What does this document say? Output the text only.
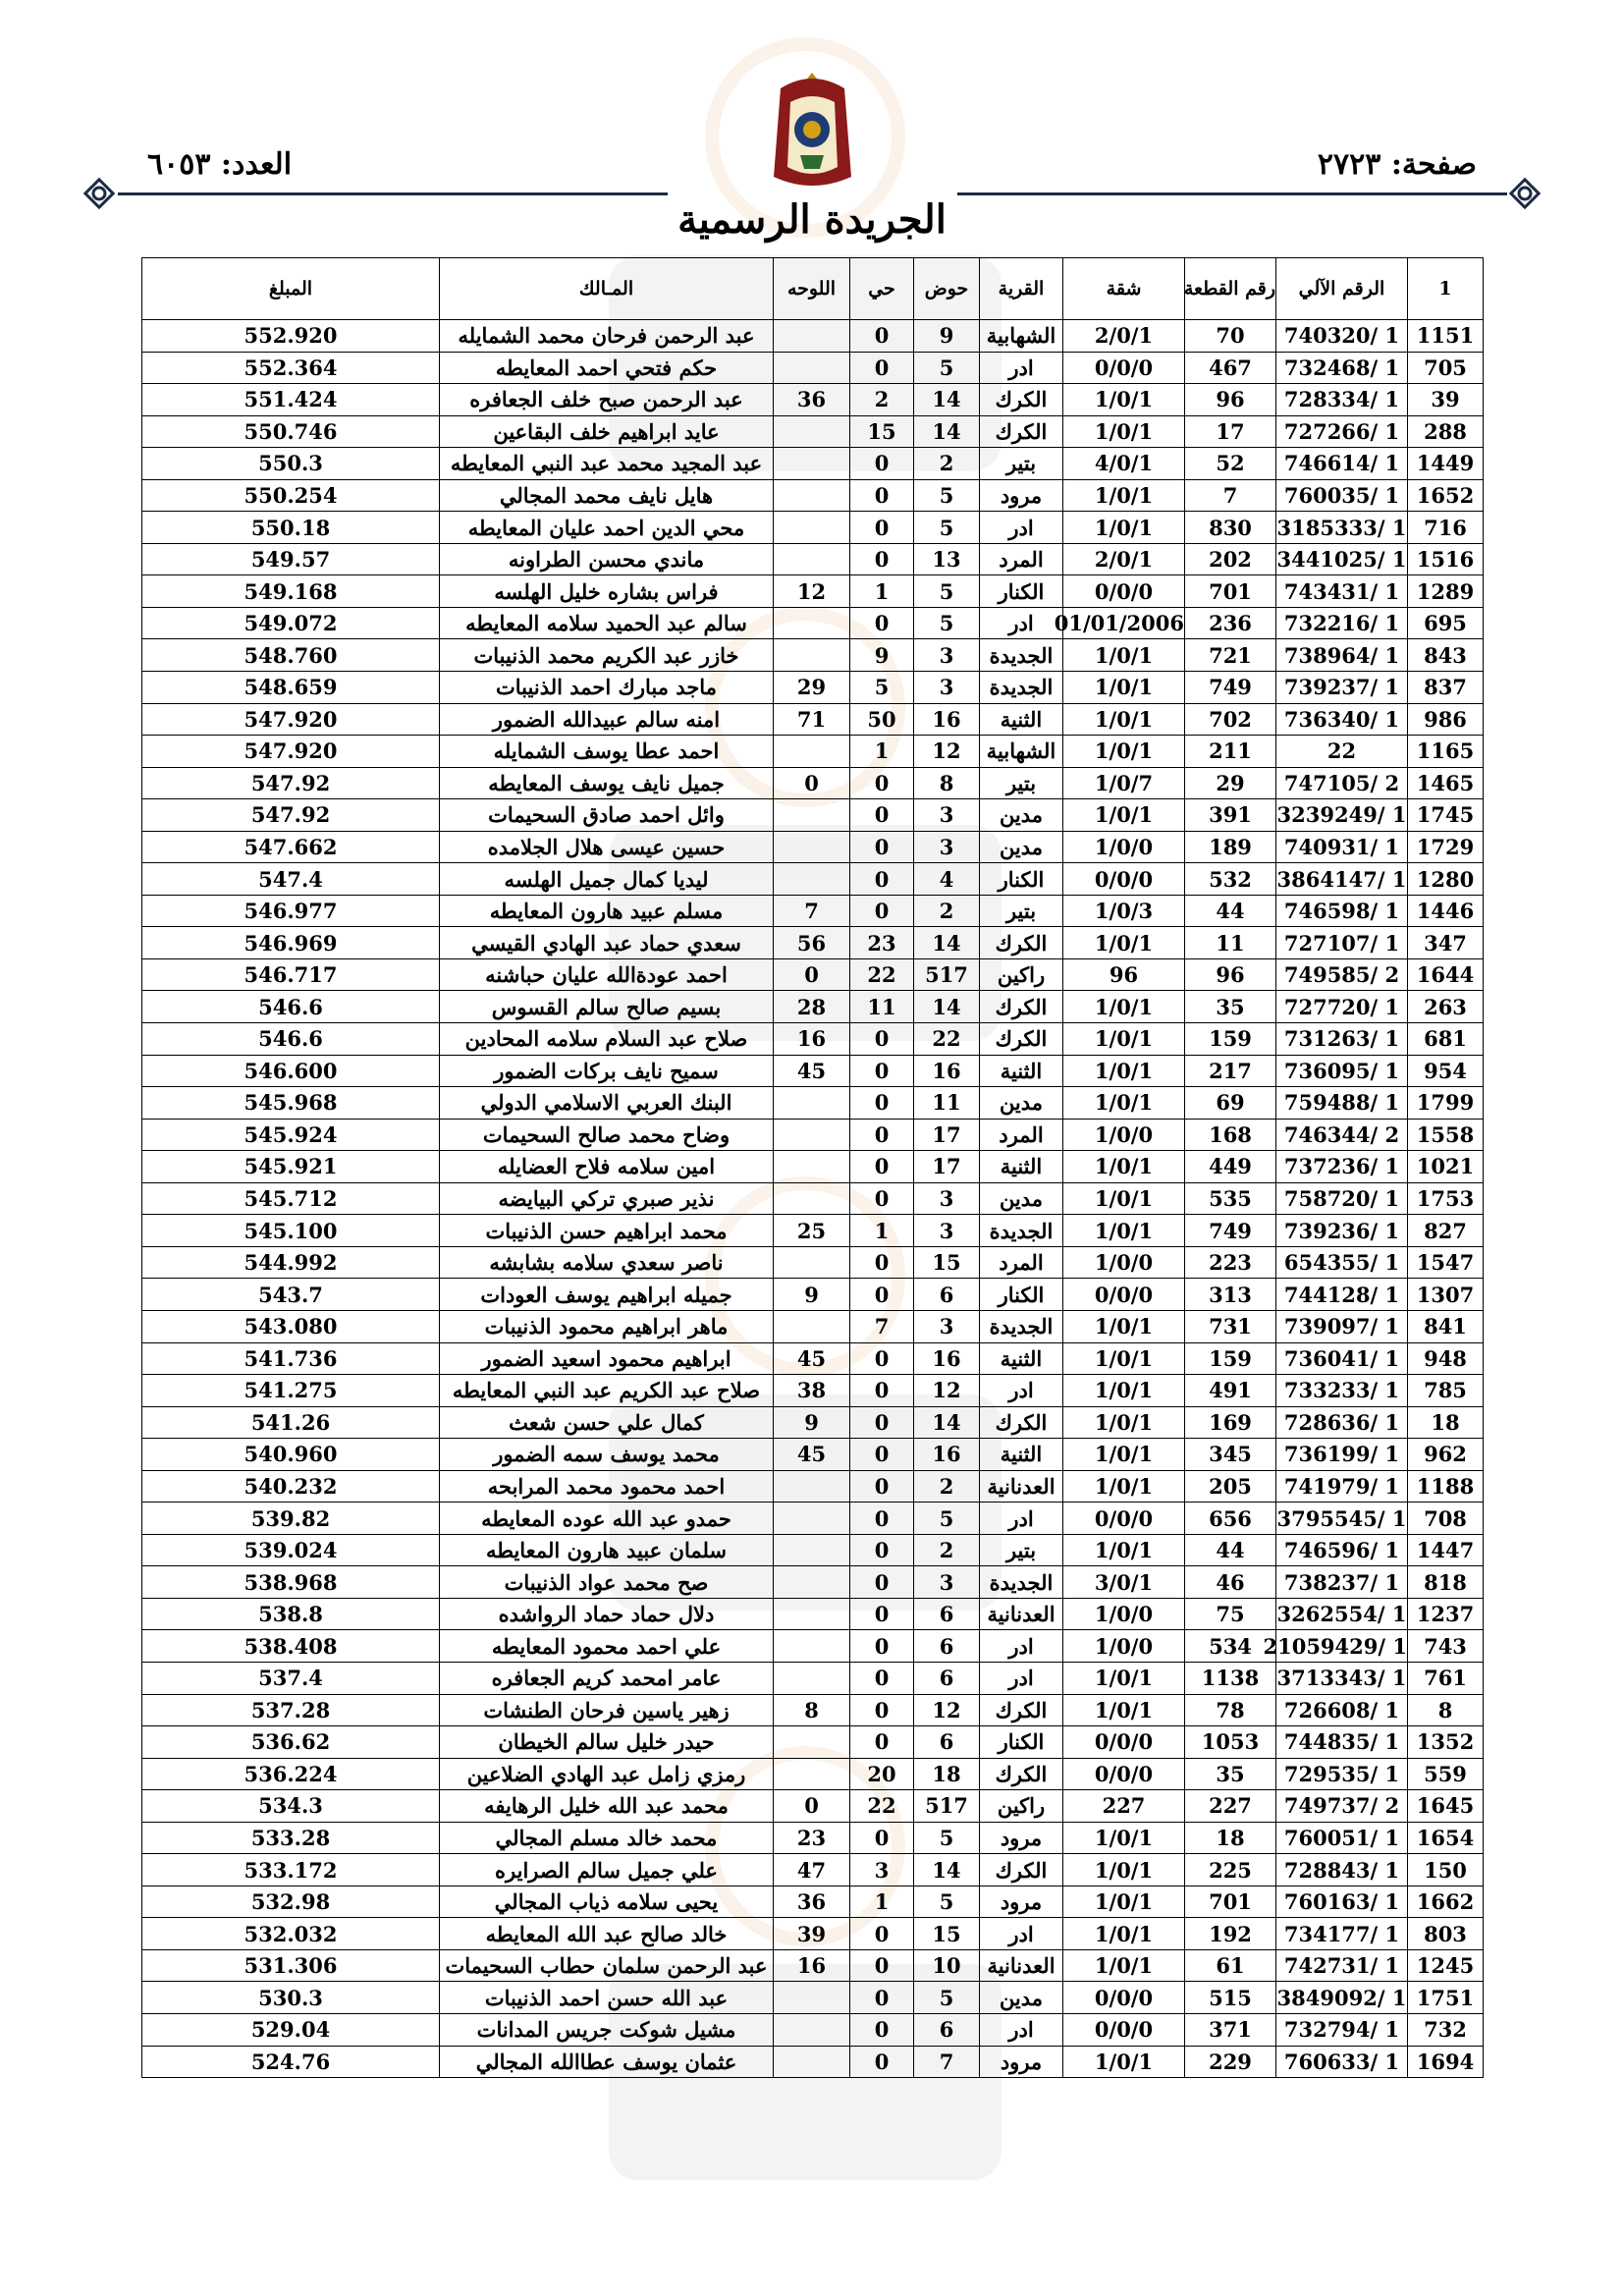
العدد: ٦٠٥٣	صفحة: ٢٧٢٣
الجريدة الرسمية
1	الرقم الآلي	رقم القطعة	شقة	القرية	حوض	حي	اللوحه	المـالك	المبلغ
1151	1 /740320	70	2/0/1	الشهابية	9	0		عبد الرحمن فرحان محمد الشمايله	552.920
705	1 /732468	467	0/0/0	ادر	5	0		حكم فتحي احمد المعايطه	552.364
39	1 /728334	96	1/0/1	الكرك	14	2	36	عبد الرحمن صبح خلف الجعافره	551.424
288	1 /727266	17	1/0/1	الكرك	14	15		عايد ابراهيم خلف البقاعين	550.746
1449	1 /746614	52	4/0/1	بتير	2	0		عبد المجيد محمد عبد النبي المعايطه	550.3
1652	1 /760035	7	1/0/1	مرود	5	0		هايل نايف محمد المجالي	550.254
716	1 /3185333	830	1/0/1	ادر	5	0		محي الدين احمد عليان المعايطه	550.18
1516	1 /3441025	202	2/0/1	المرد	13	0		ماندي محسن الطراونه	549.57
1289	1 /743431	701	0/0/0	الكنار	5	1	12	فراس بشاره خليل الهلسه	549.168
695	1 /732216	236	01/01/2006	ادر	5	0		سالم عبد الحميد سلامه المعايطه	549.072
843	1 /738964	721	1/0/1	الجديدة	3	9		خازر عبد الكريم محمد الذنيبات	548.760
837	1 /739237	749	1/0/1	الجديدة	3	5	29	ماجد مبارك احمد الذنيبات	548.659
986	1 /736340	702	1/0/1	الثنية	16	50	71	امنه سالم عبيدالله الضمور	547.920
1165	22	211	1/0/1	الشهابية	12	1		احمد عطا يوسف الشمايله	547.920
1465	2 /747105	29	1/0/7	بتير	8	0	0	جميل نايف يوسف المعايطه	547.92
1745	1 /3239249	391	1/0/1	مدين	3	0		وائل احمد صادق السحيمات	547.92
1729	1 /740931	189	1/0/0	مدين	3	0		حسين عيسى هلال الجلامده	547.662
1280	1 /3864147	532	0/0/0	الكنار	4	0		ليديا كمال جميل الهلسه	547.4
1446	1 /746598	44	1/0/3	بتير	2	0	7	مسلم عبيد هارون المعايطه	546.977
347	1 /727107	11	1/0/1	الكرك	14	23	56	سعدي حماد عبد الهادي القيسي	546.969
1644	2 /749585	96	96	راكين	517	22	0	احمد عودةالله عليان حباشنه	546.717
263	1 /727720	35	1/0/1	الكرك	14	11	28	بسيم صالح سالم القسوس	546.6
681	1 /731263	159	1/0/1	الكرك	22	0	16	صلاح عبد السلام سلامه المحادين	546.6
954	1 /736095	217	1/0/1	الثنية	16	0	45	سميح نايف بركات الضمور	546.600
1799	1 /759488	69	1/0/1	مدين	11	0		البنك العربي الاسلامي الدولي	545.968
1558	2 /746344	168	1/0/0	المرد	17	0		وضاح محمد صالح السحيمات	545.924
1021	1 /737236	449	1/0/1	الثنية	17	0		امين سلامه فلاح العضايله	545.921
1753	1 /758720	535	1/0/1	مدين	3	0		نذير صبري تركي البيايضه	545.712
827	1 /739236	749	1/0/1	الجديدة	3	1	25	محمد ابراهيم حسن الذنيبات	545.100
1547	1 /654355	223	1/0/0	المرد	15	0		ناصر سعدي سلامه بشابشه	544.992
1307	1 /744128	313	0/0/0	الكنار	6	0	9	جميله ابراهيم يوسف العودات	543.7
841	1 /739097	731	1/0/1	الجديدة	3	7		ماهر ابراهيم محمود الذنيبات	543.080
948	1 /736041	159	1/0/1	الثنية	16	0	45	ابراهيم محمود اسعيد الضمور	541.736
785	1 /733233	491	1/0/1	ادر	12	0	38	صلاح عبد الكريم عبد النبي المعايطه	541.275
18	1 /728636	169	1/0/1	الكرك	14	0	9	كمال علي حسن شعث	541.26
962	1 /736199	345	1/0/1	الثنية	16	0	45	محمد يوسف سمه الضمور	540.960
1188	1 /741979	205	1/0/1	العدنانية	2	0		احمد محمود محمد المرابحه	540.232
708	1 /3795545	656	0/0/0	ادر	5	0		حمدو عبد الله عوده المعايطه	539.82
1447	1 /746596	44	1/0/1	بتير	2	0		سلمان عبيد هارون المعايطه	539.024
818	1 /738237	46	3/0/1	الجديدة	3	0		صح محمد عواد الذنيبات	538.968
1237	1 /3262554	75	1/0/0	العدنانية	6	0		دلال حماد حماد الرواشده	538.8
743	1 /21059429	534	1/0/0	ادر	6	0		علي احمد محمود المعايطه	538.408
761	1 /3713343	1138	1/0/1	ادر	6	0		عامر امحمد كريم الجعافره	537.4
8	1 /726608	78	1/0/1	الكرك	12	0	8	زهير ياسين فرحان الطنشات	537.28
1352	1 /744835	1053	0/0/0	الكنار	6	0		حيدر خليل سالم الخيطان	536.62
559	1 /729535	35	0/0/0	الكرك	18	20		رمزي زامل عبد الهادي الضلاعين	536.224
1645	2 /749737	227	227	راكين	517	22	0	محمد عبد الله خليل الرهايفه	534.3
1654	1 /760051	18	1/0/1	مرود	5	0	23	محمد خالد مسلم المجالي	533.28
150	1 /728843	225	1/0/1	الكرك	14	3	47	علي جميل سالم الصرايره	533.172
1662	1 /760163	701	1/0/1	مرود	5	1	36	يحيى سلامه ذياب المجالي	532.98
803	1 /734177	192	1/0/1	ادر	15	0	39	خالد صالح عبد الله المعايطه	532.032
1245	1 /742731	61	1/0/1	العدنانية	10	0	16	عبد الرحمن سلمان حطاب السحيمات	531.306
1751	1 /3849092	515	0/0/0	مدين	5	0		عبد الله حسن احمد الذنيبات	530.3
732	1 /732794	371	0/0/0	ادر	6	0		مشيل شوكت جريس المدانات	529.04
1694	1 /760633	229	1/0/1	مرود	7	0		عثمان يوسف عطاالله المجالي	524.76
